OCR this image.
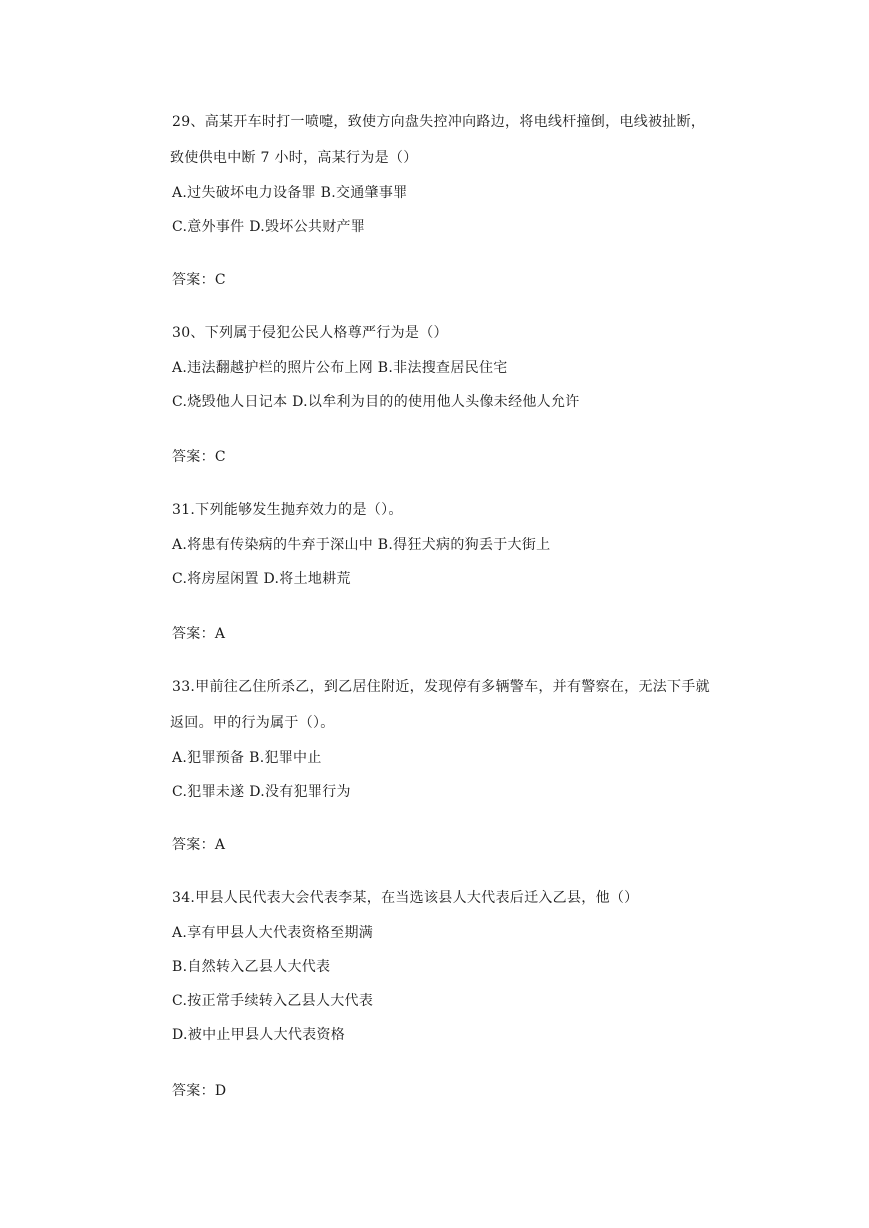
29、高某开车时打一喷嚏，致使方向盘失控冲向路边，将电线杆撞倒，电线被扯断，
致使供电中断 7 小时，高某行为是（）
A.过失破坏电力设备罪 B.交通肇事罪
C.意外事件 D.毁坏公共财产罪
答案：C
30、下列属于侵犯公民人格尊严行为是（）
A.违法翻越护栏的照片公布上网 B.非法搜查居民住宅
C.烧毁他人日记本 D.以牟利为目的的使用他人头像未经他人允许
答案：C
31.下列能够发生抛弃效力的是（）。
A.将患有传染病的牛弃于深山中 B.得狂犬病的狗丢于大街上
C.将房屋闲置 D.将土地耕荒
答案：A
33.甲前往乙住所杀乙，到乙居住附近，发现停有多辆警车，并有警察在，无法下手就
返回。甲的行为属于（）。
A.犯罪预备 B.犯罪中止
C.犯罪未遂 D.没有犯罪行为
答案：A
34.甲县人民代表大会代表李某，在当选该县人大代表后迁入乙县，他（）
A.享有甲县人大代表资格至期满
B.自然转入乙县人大代表
C.按正常手续转入乙县人大代表
D.被中止甲县人大代表资格
答案：D
